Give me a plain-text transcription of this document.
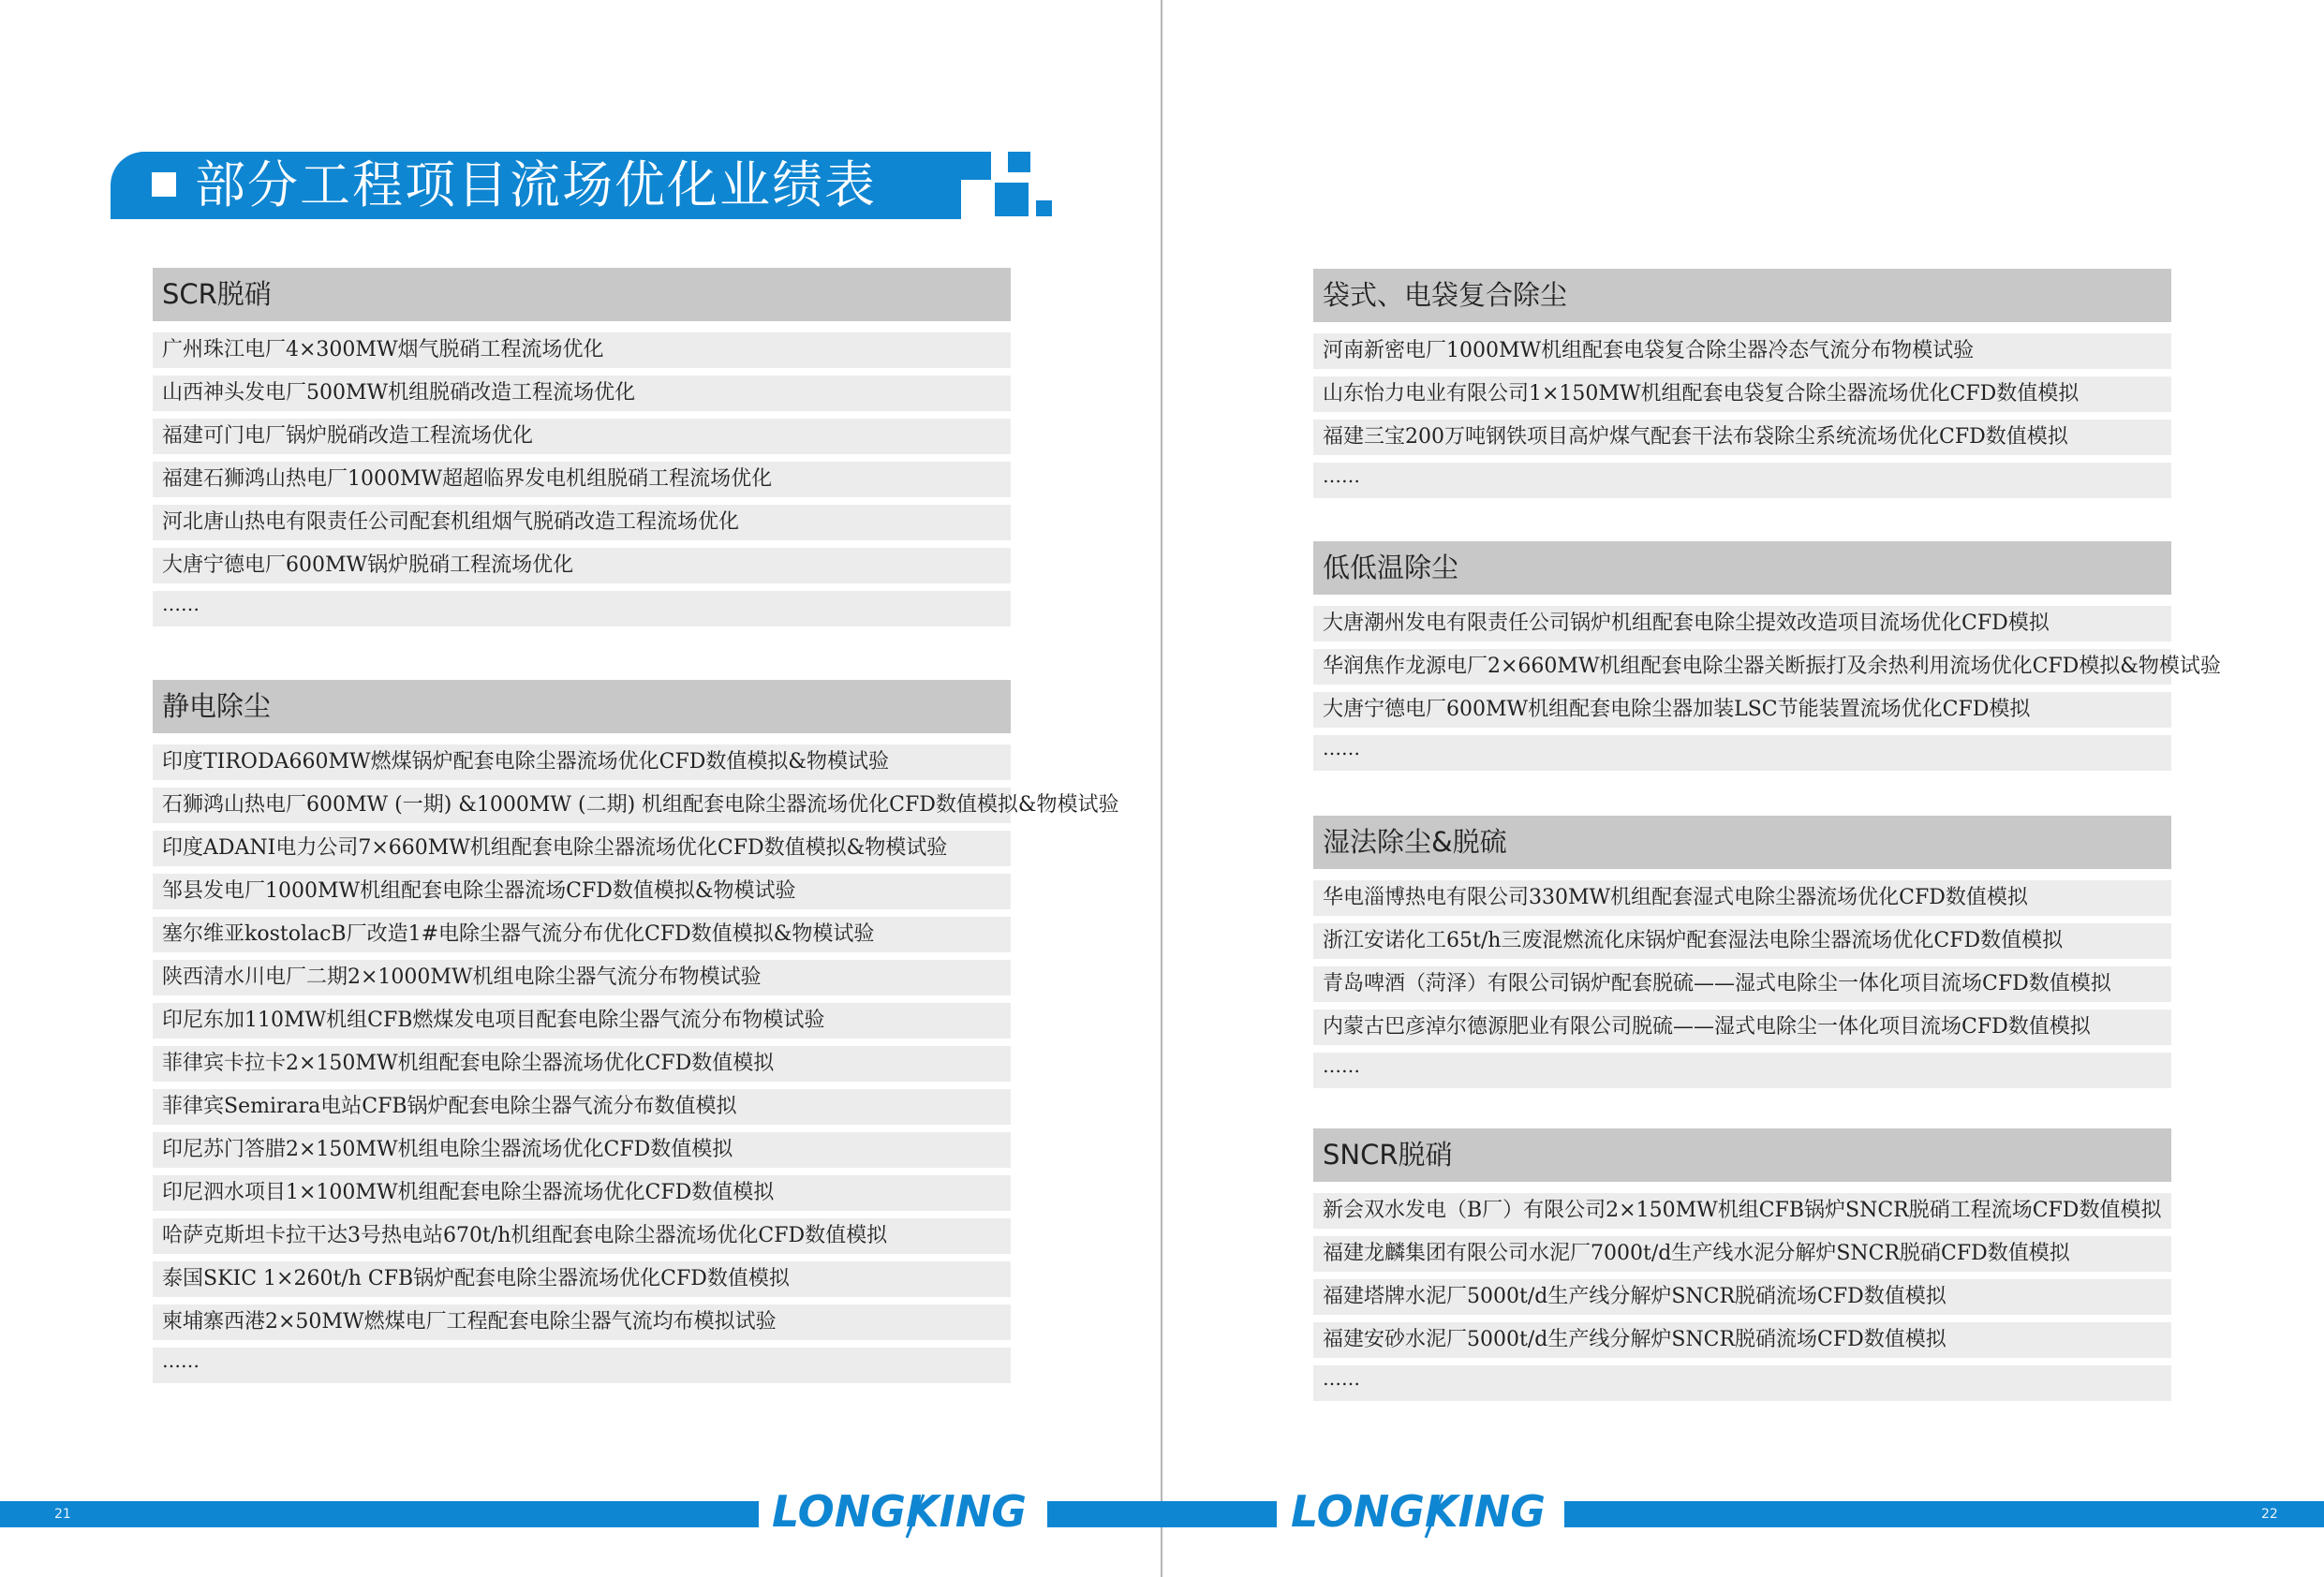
部分工程项目流场优化业绩表
SCR脱硝
广州珠江电厂4×300MW烟气脱硝工程流场优化
山西神头发电厂500MW机组脱硝改造工程流场优化
福建可门电厂锅炉脱硝改造工程流场优化
福建石狮鸿山热电厂1000MW超超临界发电机组脱硝工程流场优化
河北唐山热电有限责任公司配套机组烟气脱硝改造工程流场优化
大唐宁德电厂600MW锅炉脱硝工程流场优化
……
静电除尘
印度TIRODA660MW燃煤锅炉配套电除尘器流场优化CFD数值模拟&物模试验
石狮鸿山热电厂600MW (一期) &1000MW (二期) 机组配套电除尘器流场优化CFD数值模拟&物模试验
印度ADANI电力公司7×660MW机组配套电除尘器流场优化CFD数值模拟&物模试验
邹县发电厂1000MW机组配套电除尘器流场CFD数值模拟&物模试验
塞尔维亚kostolacB厂改造1#电除尘器气流分布优化CFD数值模拟&物模试验
陕西清水川电厂二期2×1000MW机组电除尘器气流分布物模试验
印尼东加110MW机组CFB燃煤发电项目配套电除尘器气流分布物模试验
菲律宾卡拉卡2×150MW机组配套电除尘器流场优化CFD数值模拟
菲律宾Semirara电站CFB锅炉配套电除尘器气流分布数值模拟
印尼苏门答腊2×150MW机组电除尘器流场优化CFD数值模拟
印尼泗水项目1×100MW机组配套电除尘器流场优化CFD数值模拟
哈萨克斯坦卡拉干达3号热电站670t/h机组配套电除尘器流场优化CFD数值模拟
泰国SKIC 1×260t/h CFB锅炉配套电除尘器流场优化CFD数值模拟
柬埔寨西港2×50MW燃煤电厂工程配套电除尘器气流均布模拟试验
……
袋式、电袋复合除尘
河南新密电厂1000MW机组配套电袋复合除尘器冷态气流分布物模试验
山东怡力电业有限公司1×150MW机组配套电袋复合除尘器流场优化CFD数值模拟
福建三宝200万吨钢铁项目高炉煤气配套干法布袋除尘系统流场优化CFD数值模拟
……
低低温除尘
大唐潮州发电有限责任公司锅炉机组配套电除尘提效改造项目流场优化CFD模拟
华润焦作龙源电厂2×660MW机组配套电除尘器关断振打及余热利用流场优化CFD模拟&物模试验
大唐宁德电厂600MW机组配套电除尘器加装LSC节能装置流场优化CFD模拟
……
湿法除尘&脱硫
华电淄博热电有限公司330MW机组配套湿式电除尘器流场优化CFD数值模拟
浙江安诺化工65t/h三废混燃流化床锅炉配套湿法电除尘器流场优化CFD数值模拟
青岛啤酒（菏泽）有限公司锅炉配套脱硫——湿式电除尘一体化项目流场CFD数值模拟
内蒙古巴彦淖尔德源肥业有限公司脱硫——湿式电除尘一体化项目流场CFD数值模拟
……
SNCR脱硝
新会双水发电（B厂）有限公司2×150MW机组CFB锅炉SNCR脱硝工程流场CFD数值模拟
福建龙麟集团有限公司水泥厂7000t/d生产线水泥分解炉SNCR脱硝CFD数值模拟
福建塔牌水泥厂5000t/d生产线分解炉SNCR脱硝流场CFD数值模拟
福建安砂水泥厂5000t/d生产线分解炉SNCR脱硝流场CFD数值模拟
……
21	22
LONGKING	LONGKING
